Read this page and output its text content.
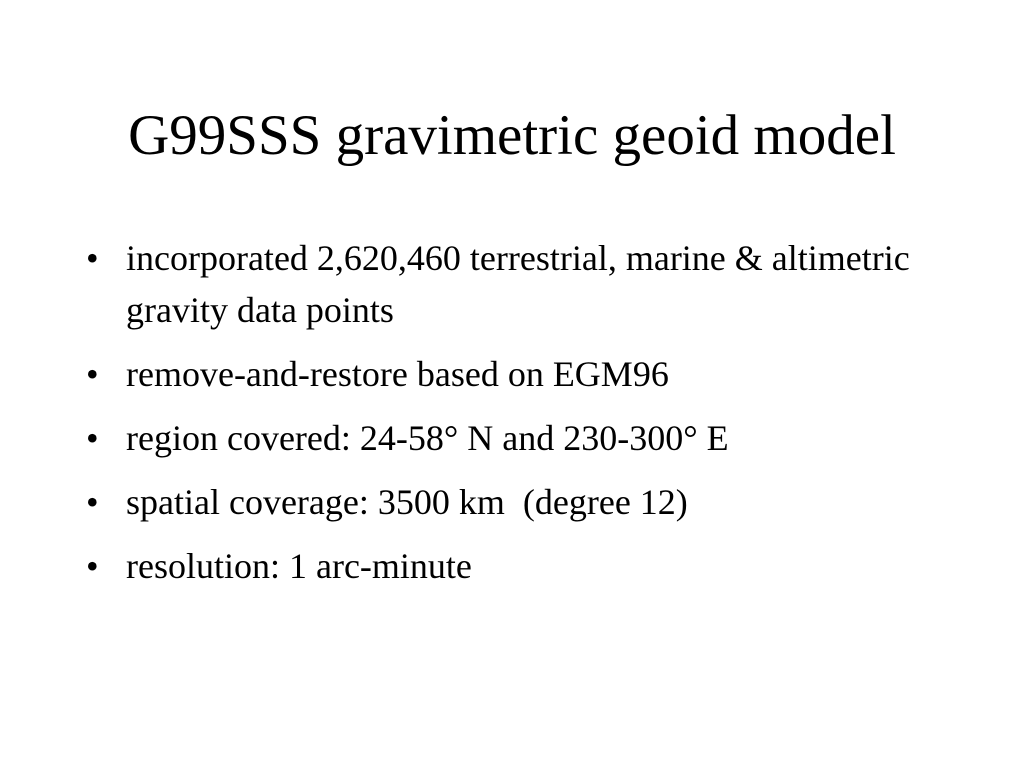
G99SSS gravimetric geoid model
• incorporated 2,620,460 terrestrial, marine & altimetric gravity data points
• remove-and-restore based on EGM96
• region covered: 24-58° N and 230-300° E
• spatial coverage: 3500 km  (degree 12)
• resolution: 1 arc-minute
